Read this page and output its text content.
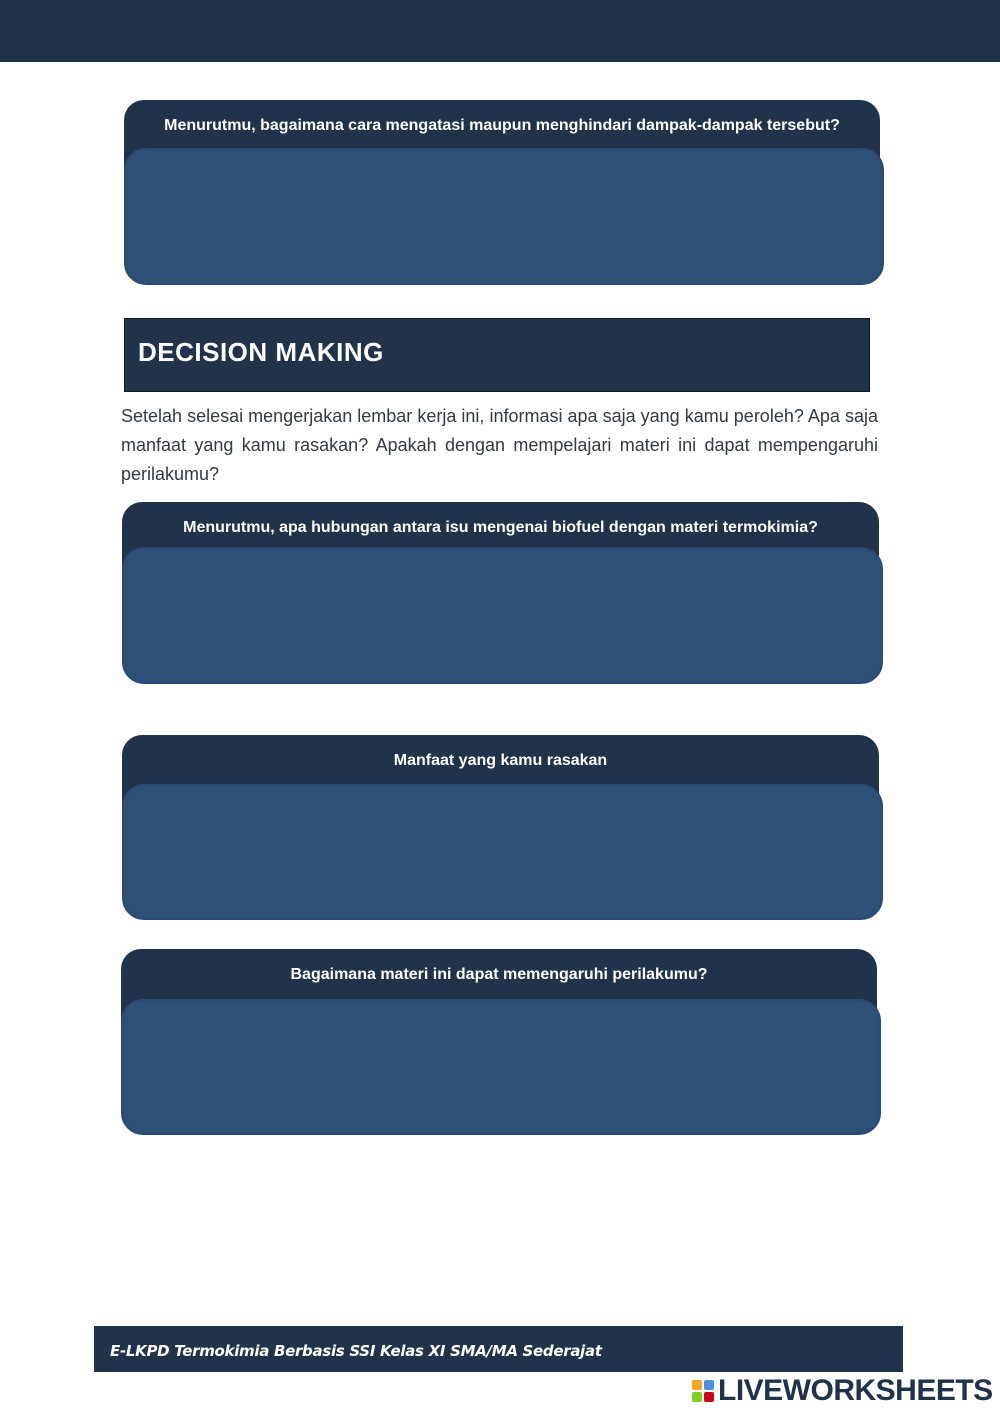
Menurutmu, bagaimana cara mengatasi maupun menghindari dampak-dampak tersebut?
DECISION MAKING

Setelah selesai mengerjakan lembar kerja ini, informasi apa saja yang kamu peroleh? Apa saja manfaat yang kamu rasakan? Apakah dengan mempelajari materi ini dapat mempengaruhi perilakumu?

Menurutmu, apa hubungan antara isu mengenai biofuel dengan materi termokimia?
Manfaat yang kamu rasakan
Bagaimana materi ini dapat memengaruhi perilakumu?
E-LKPD Termokimia Berbasis SSI Kelas XI SMA/MA Sederajat
LIVEWORKSHEETS
